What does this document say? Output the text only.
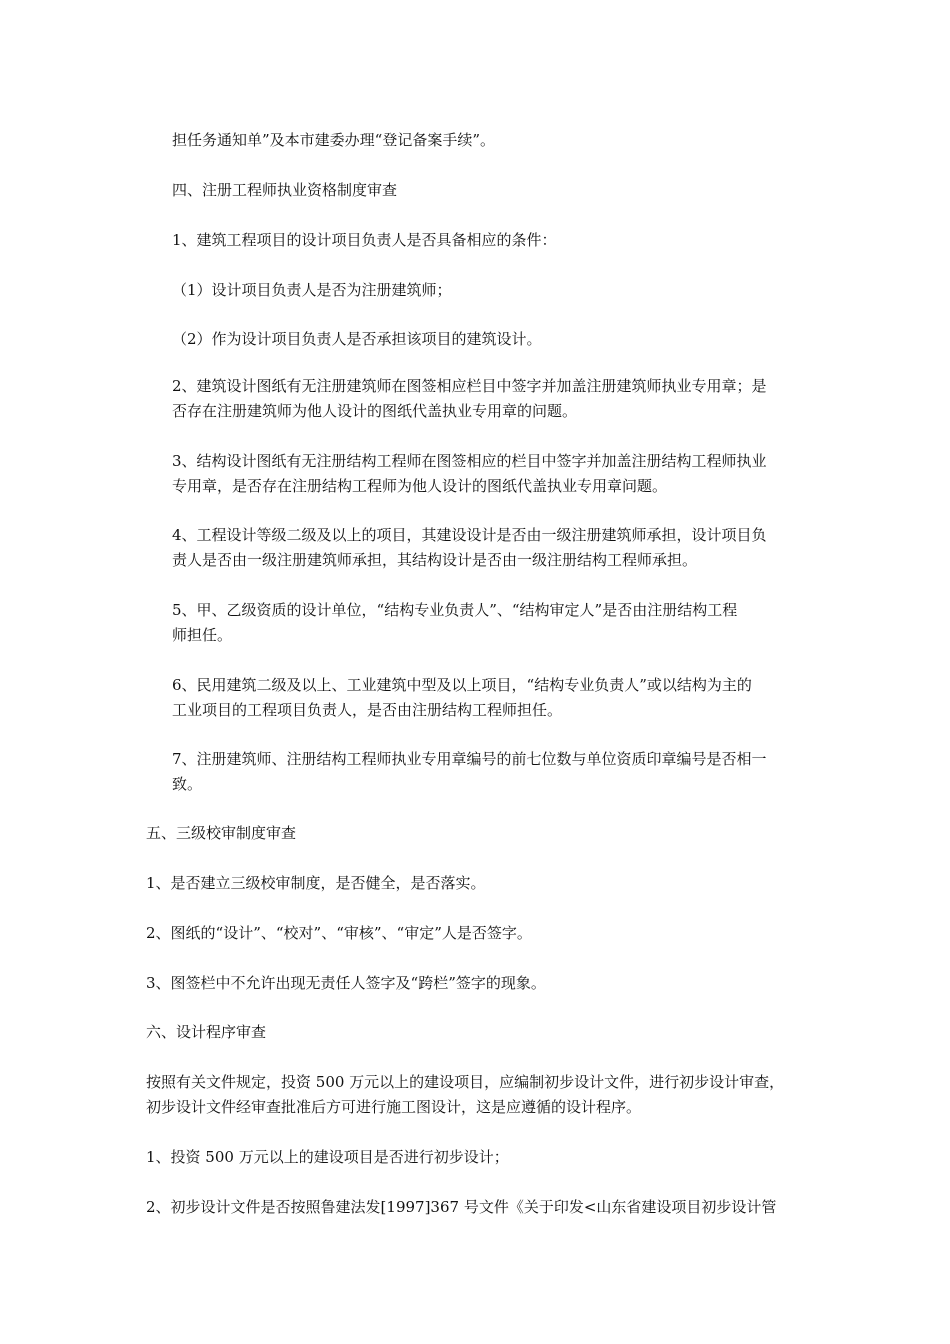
担任务通知单”及本市建委办理“登记备案手续”。
四、注册工程师执业资格制度审查
1、建筑工程项目的设计项目负责人是否具备相应的条件：
（1）设计项目负责人是否为注册建筑师；
（2）作为设计项目负责人是否承担该项目的建筑设计。
2、建筑设计图纸有无注册建筑师在图签相应栏目中签字并加盖注册建筑师执业专用章；是
否存在注册建筑师为他人设计的图纸代盖执业专用章的问题。
3、结构设计图纸有无注册结构工程师在图签相应的栏目中签字并加盖注册结构工程师执业
专用章，是否存在注册结构工程师为他人设计的图纸代盖执业专用章问题。
4、工程设计等级二级及以上的项目，其建设设计是否由一级注册建筑师承担，设计项目负
责人是否由一级注册建筑师承担，其结构设计是否由一级注册结构工程师承担。
5、甲、乙级资质的设计单位，“结构专业负责人”、“结构审定人”是否由注册结构工程
师担任。
6、民用建筑二级及以上、工业建筑中型及以上项目，“结构专业负责人”或以结构为主的
工业项目的工程项目负责人，是否由注册结构工程师担任。
7、注册建筑师、注册结构工程师执业专用章编号的前七位数与单位资质印章编号是否相一
致。
五、三级校审制度审查
1、是否建立三级校审制度，是否健全，是否落实。
2、图纸的“设计”、“校对”、“审核”、“审定”人是否签字。
3、图签栏中不允许出现无责任人签字及“跨栏”签字的现象。
六、设计程序审查
按照有关文件规定，投资 500 万元以上的建设项目，应编制初步设计文件，进行初步设计审查，
初步设计文件经审查批准后方可进行施工图设计，这是应遵循的设计程序。
1、投资 500 万元以上的建设项目是否进行初步设计；
2、初步设计文件是否按照鲁建法发[1997]367 号文件《关于印发<山东省建设项目初步设计管
